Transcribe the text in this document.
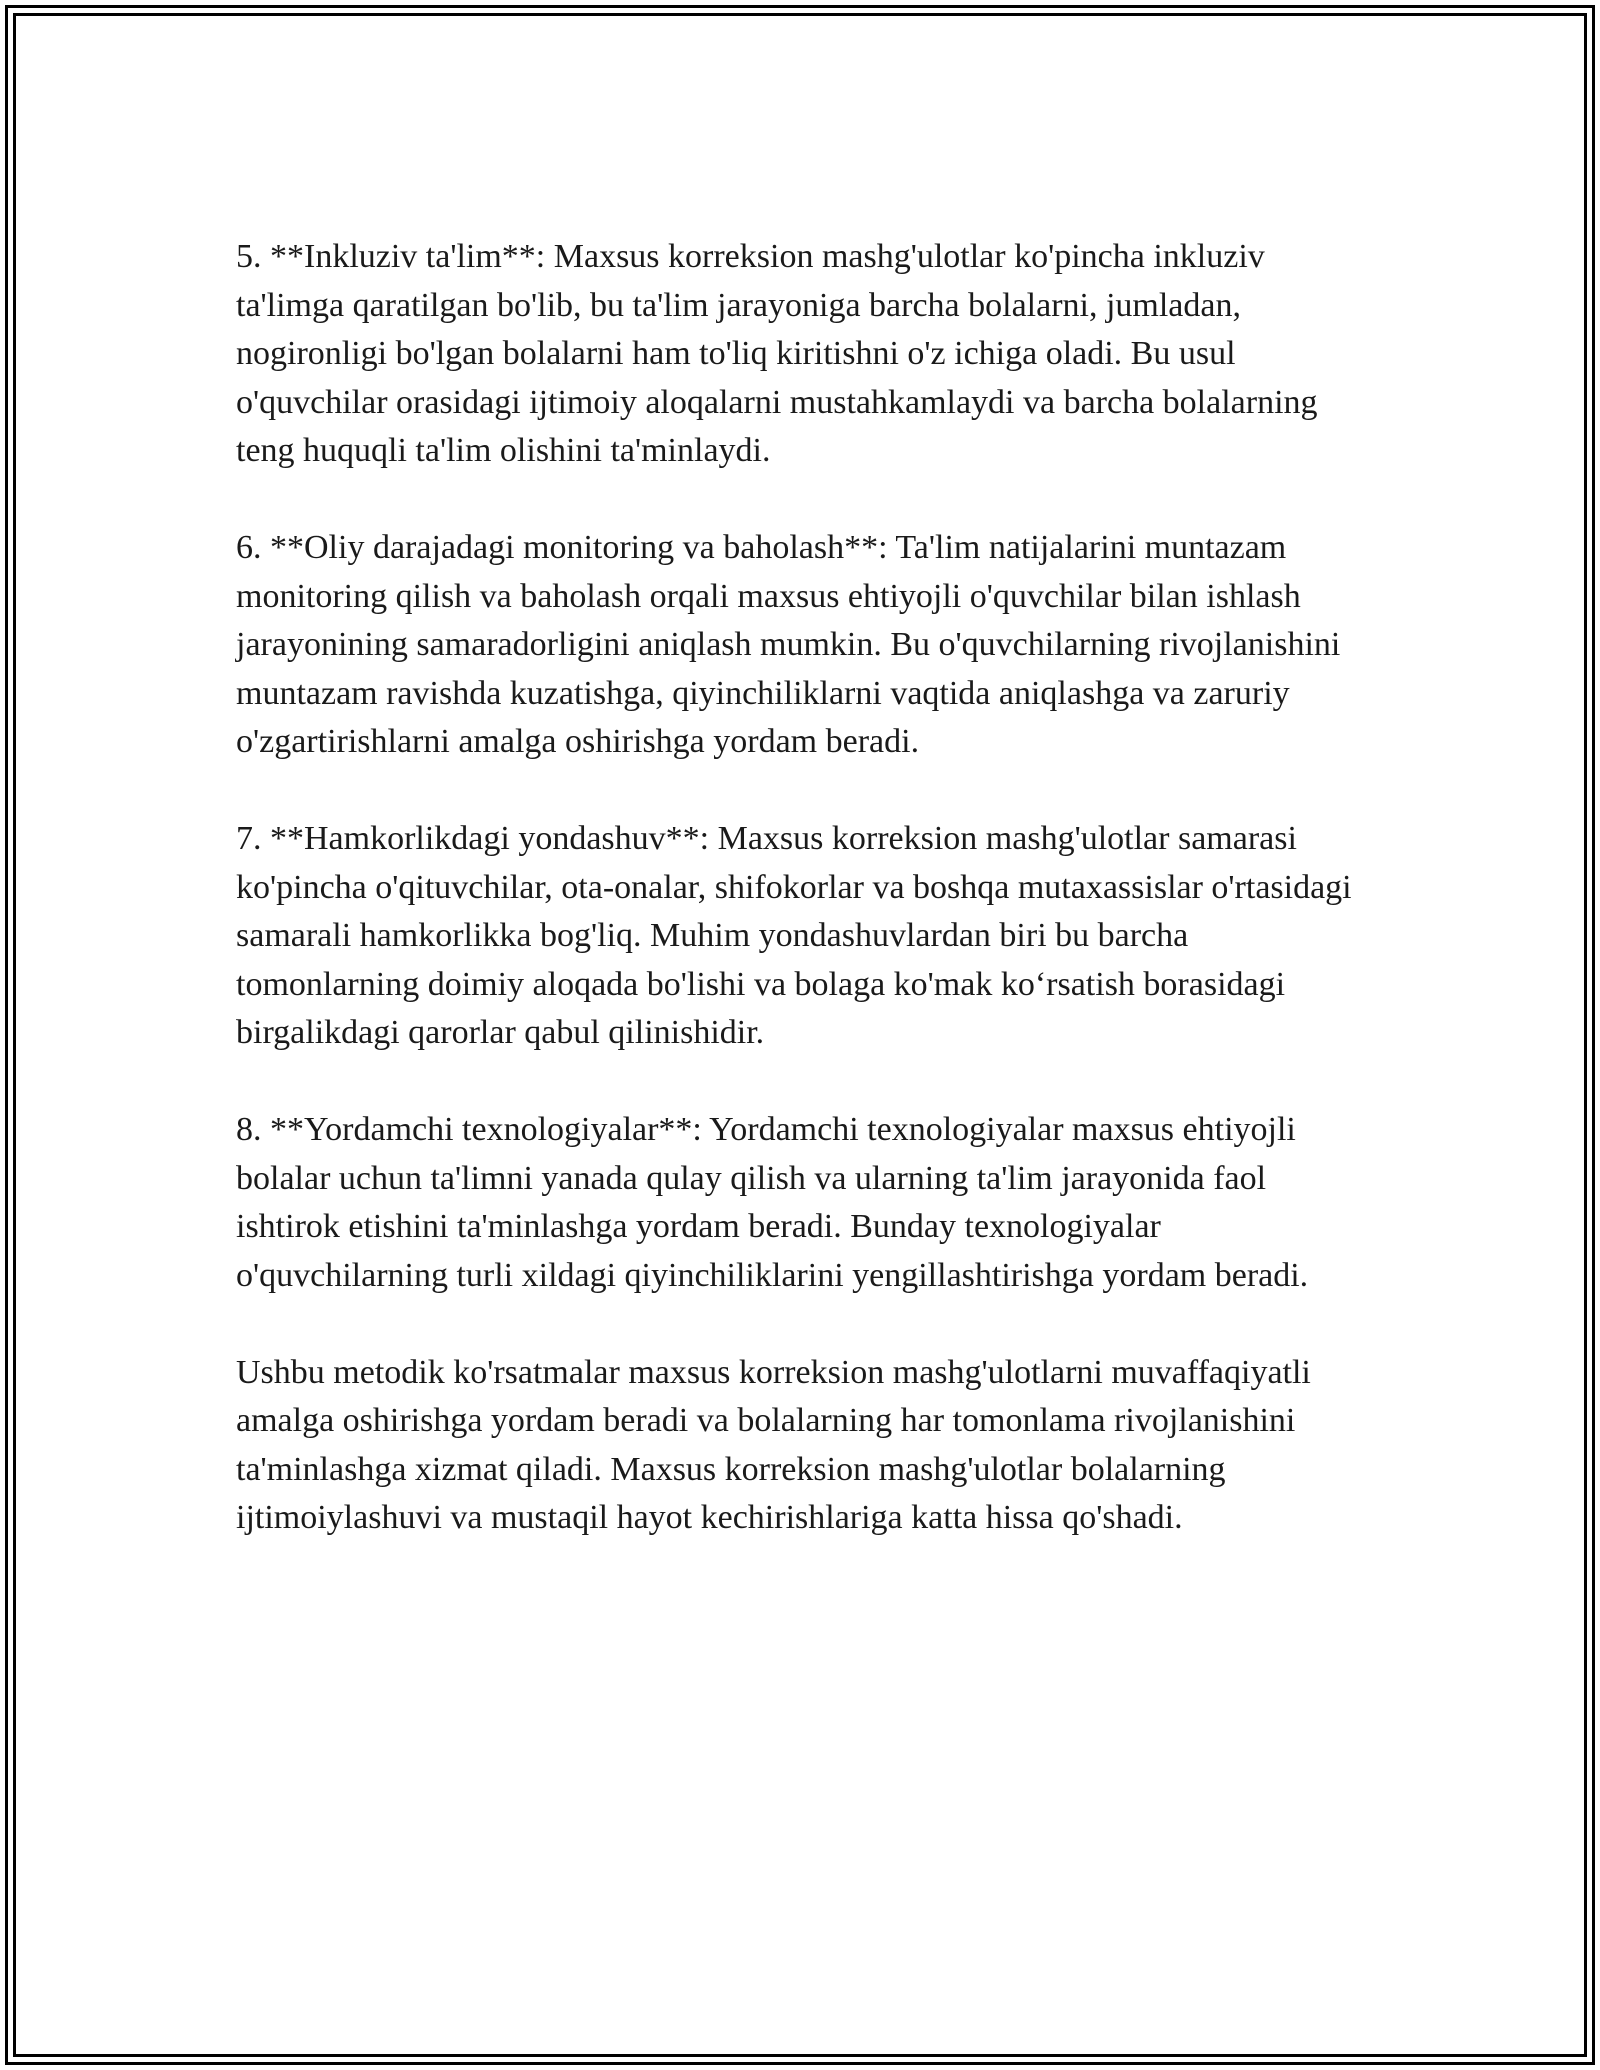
5. **Inkluziv ta'lim**: Maxsus korreksion mashg'ulotlar ko'pincha inkluziv ta'limga qaratilgan bo'lib, bu ta'lim jarayoniga barcha bolalarni, jumladan, nogironligi bo'lgan bolalarni ham to'liq kiritishni o'z ichiga oladi. Bu usul o'quvchilar orasidagi ijtimoiy aloqalarni mustahkamlaydi va barcha bolalarning teng huquqli ta'lim olishini ta'minlaydi.

6. **Oliy darajadagi monitoring va baholash**: Ta'lim natijalarini muntazam monitoring qilish va baholash orqali maxsus ehtiyojli o'quvchilar bilan ishlash jarayonining samaradorligini aniqlash mumkin. Bu o'quvchilarning rivojlanishini muntazam ravishda kuzatishga, qiyinchiliklarni vaqtida aniqlashga va zaruriy o'zgartirishlarni amalga oshirishga yordam beradi.

7. **Hamkorlikdagi yondashuv**: Maxsus korreksion mashg'ulotlar samarasi ko'pincha o'qituvchilar, ota-onalar, shifokorlar va boshqa mutaxassislar o'rtasidagi samarali hamkorlikka bog'liq. Muhim yondashuvlardan biri bu barcha tomonlarning doimiy aloqada bo'lishi va bolaga ko'mak ko‘rsatish borasidagi birgalikdagi qarorlar qabul qilinishidir.

8. **Yordamchi texnologiyalar**: Yordamchi texnologiyalar maxsus ehtiyojli bolalar uchun ta'limni yanada qulay qilish va ularning ta'lim jarayonida faol ishtirok etishini ta'minlashga yordam beradi. Bunday texnologiyalar o'quvchilarning turli xildagi qiyinchiliklarini yengillashtirishga yordam beradi.

Ushbu metodik ko'rsatmalar maxsus korreksion mashg'ulotlarni muvaffaqiyatli amalga oshirishga yordam beradi va bolalarning har tomonlama rivojlanishini ta'minlashga xizmat qiladi. Maxsus korreksion mashg'ulotlar bolalarning ijtimoiylashuvi va mustaqil hayot kechirishlariga katta hissa qo'shadi.
